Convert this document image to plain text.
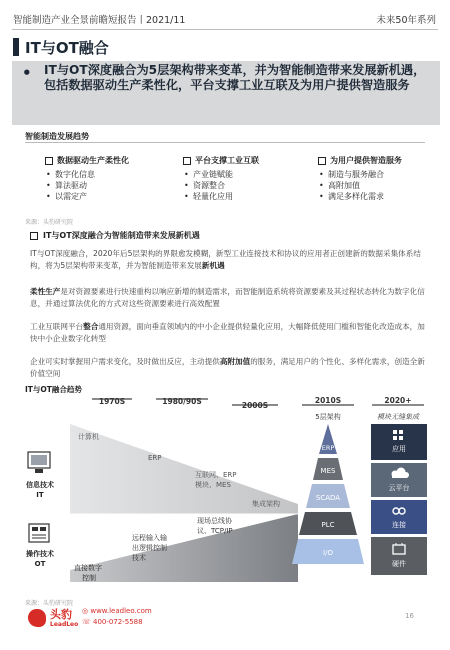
智能制造产业全景前瞻短报告丨2021/11	未来50年系列
IT与OT融合
• IT与OT深度融合为5层架构带来变革，并为智能制造带来发展新机遇，包括数据驱动生产柔性化，平台支撑工业互联及为用户提供智造服务
智能制造发展趋势
数据驱动生产柔性化
• 数字化信息
• 算法驱动
• 以需定产
平台支撑工业互联
• 产业链赋能
• 资源整合
• 轻量化应用
为用户提供智造服务
• 制造与服务融合
• 高附加值
• 满足多样化需求
来源：头豹研究院
IT与OT深度融合为智能制造带来发展新机遇
IT与OT深度融合，2020年后5层架构的界限愈发模糊，新型工业连接技术和协议的应用者正创建新的数据采集体系结构，将为5层架构带来变革，并为智能制造带来发展新机遇
柔性生产是对资源要素进行快速重构以响应新增的制造需求，而智能制造系统将资源要素及其过程状态转化为数字化信息，并通过算法优化的方式对这些资源要素进行高效配置
工业互联网平台整合通用资源，面向垂直领域内的中小企业提供轻量化应用，大幅降低使用门槛和智能化改造成本，加快中小企业数字化转型
企业可实时掌握用户需求变化，及时做出反应，主动提供高附加值的服务，满足用户的个性化、多样化需求，创造全新价值空间
IT与OT融合趋势
1970S	1980/90S	2000S
2010S	2020+
5层架构	模块无缝集成
信息技术 IT
操作技术 OT
计算机
ERP
互联网、ERP 模块、MES
集成架构
现场总线协议、TCP/IP
远程输入输出逻辑控制技术
直接数字控制
ERP
MES
SCADA
PLC
I/O
应用
云平台
连接
硬件
来源：头豹研究院
头豹
LeadLeo
◎ www.leadleo.com
☏ 400-072-5588
16
